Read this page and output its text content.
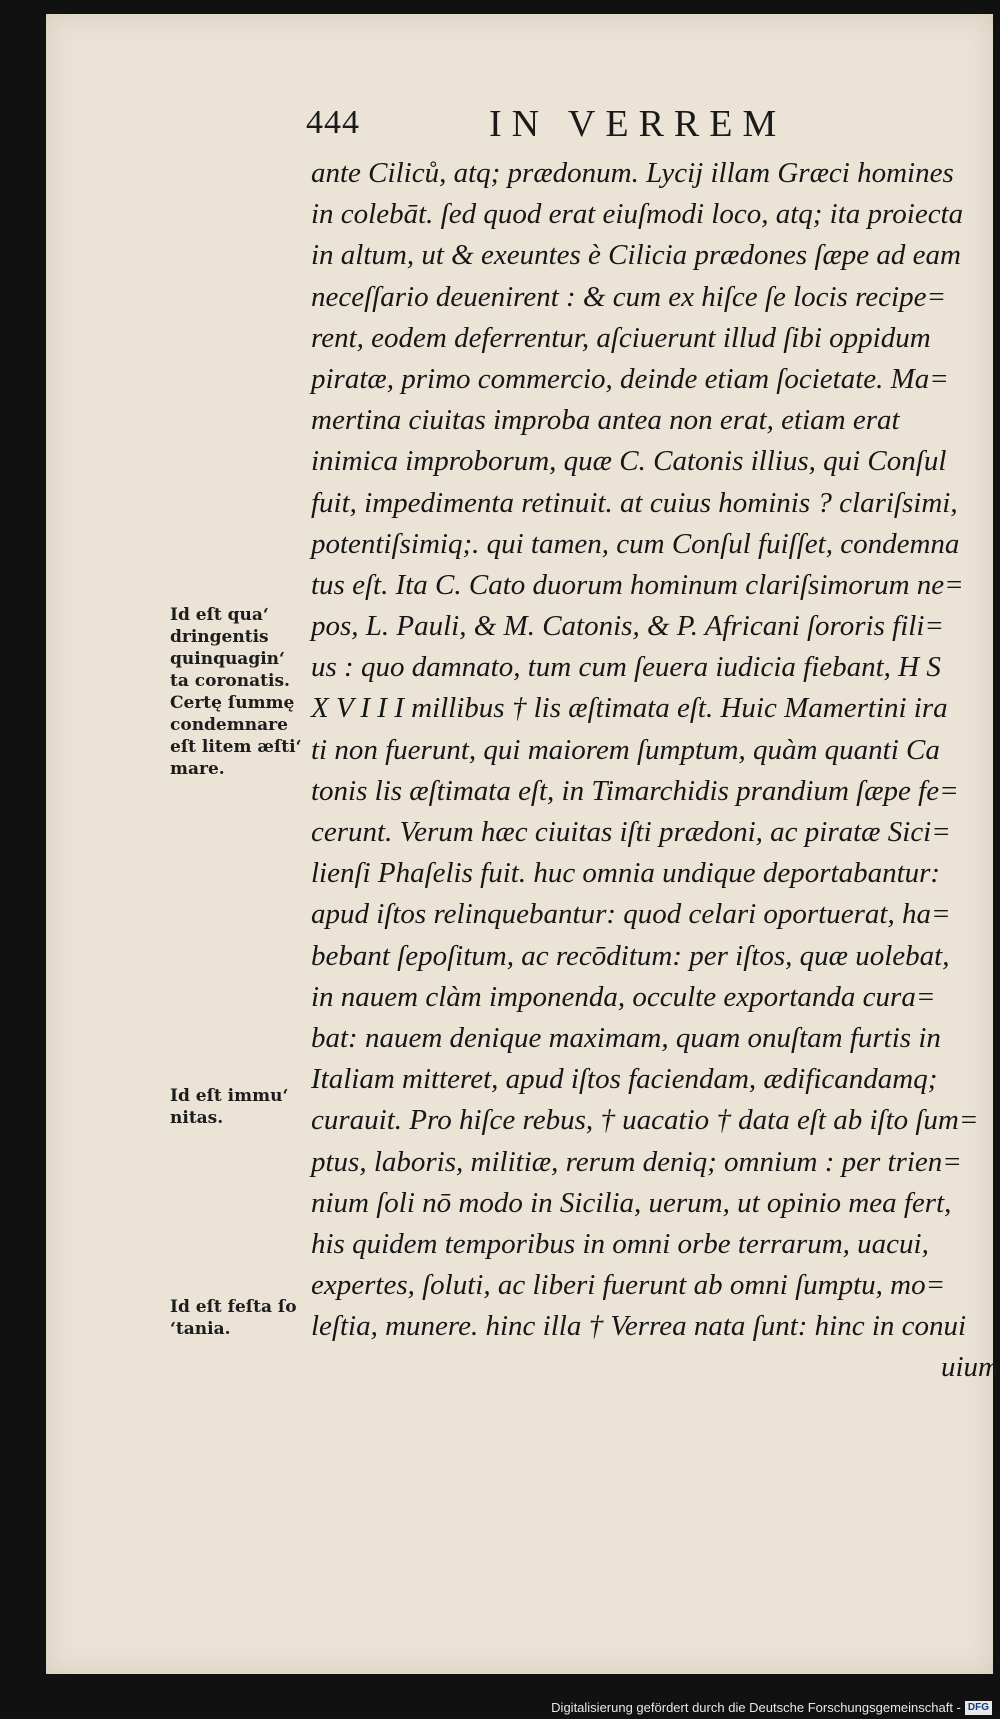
444	IN VERREM
ante Ciliců, atq; prædonum. Lycij illam Græci homines
in colebāt. ſed quod erat eiuſmodi loco, atq; ita proiecta
in altum, ut & exeuntes è Cilicia prædones ſæpe ad eam
neceſſario deuenirent : & cum ex hiſce ſe locis recipe=
rent, eodem deferrentur, aſciuerunt illud ſibi oppidum
piratæ, primo commercio, deinde etiam ſocietate. Ma=
mertina ciuitas improba antea non erat, etiam erat
inimica improborum, quæ C. Catonis illius, qui Conſul
fuit, impedimenta retinuit. at cuius hominis ? clariſsimi,
potentiſsimiq;. qui tamen, cum Conſul fuiſſet, condemna
tus eſt. Ita C. Cato duorum hominum clariſsimorum ne=
pos, L. Pauli, & M. Catonis, & P. Africani ſororis fili=
us : quo damnato, tum cum ſeuera iudicia fiebant, H S
X V I I I millibus † lis æſtimata eſt. Huic Mamertini ira
ti non fuerunt, qui maiorem ſumptum, quàm quanti Ca
tonis lis æſtimata eſt, in Timarchidis prandium ſæpe fe=
cerunt. Verum hæc ciuitas iſti prædoni, ac piratæ Sici=
lienſi Phaſelis fuit. huc omnia undique deportabantur:
apud iſtos relinquebantur: quod celari oportuerat, ha=
bebant ſepoſitum, ac recōditum: per iſtos, quæ uolebat,
in nauem clàm imponenda, occulte exportanda cura=
bat: nauem denique maximam, quam onuſtam furtis in
Italiam mitteret, apud iſtos faciendam, ædificandamq;
curauit. Pro hiſce rebus, † uacatio † data eſt ab iſto ſum=
ptus, laboris, militiæ, rerum deniq; omnium : per trien=
nium ſoli nō modo in Sicilia, uerum, ut opinio mea fert,
his quidem temporibus in omni orbe terrarum, uacui,
expertes, ſoluti, ac liberi fuerunt ab omni ſumptu, mo=
leſtia, munere. hinc illa † Verrea nata ſunt: hinc in conui
uium
Id eſt qua‘
dringentis
quinquagin‘
ta coronatis.
Certę ſummę
condemnare
eſt litem æſti‘
mare.
Id eſt immu‘
nitas.
Id eſt feſta ſo
‘tania.
Digitalisierung gefördert durch die Deutsche Forschungsgemeinschaft - DFG
